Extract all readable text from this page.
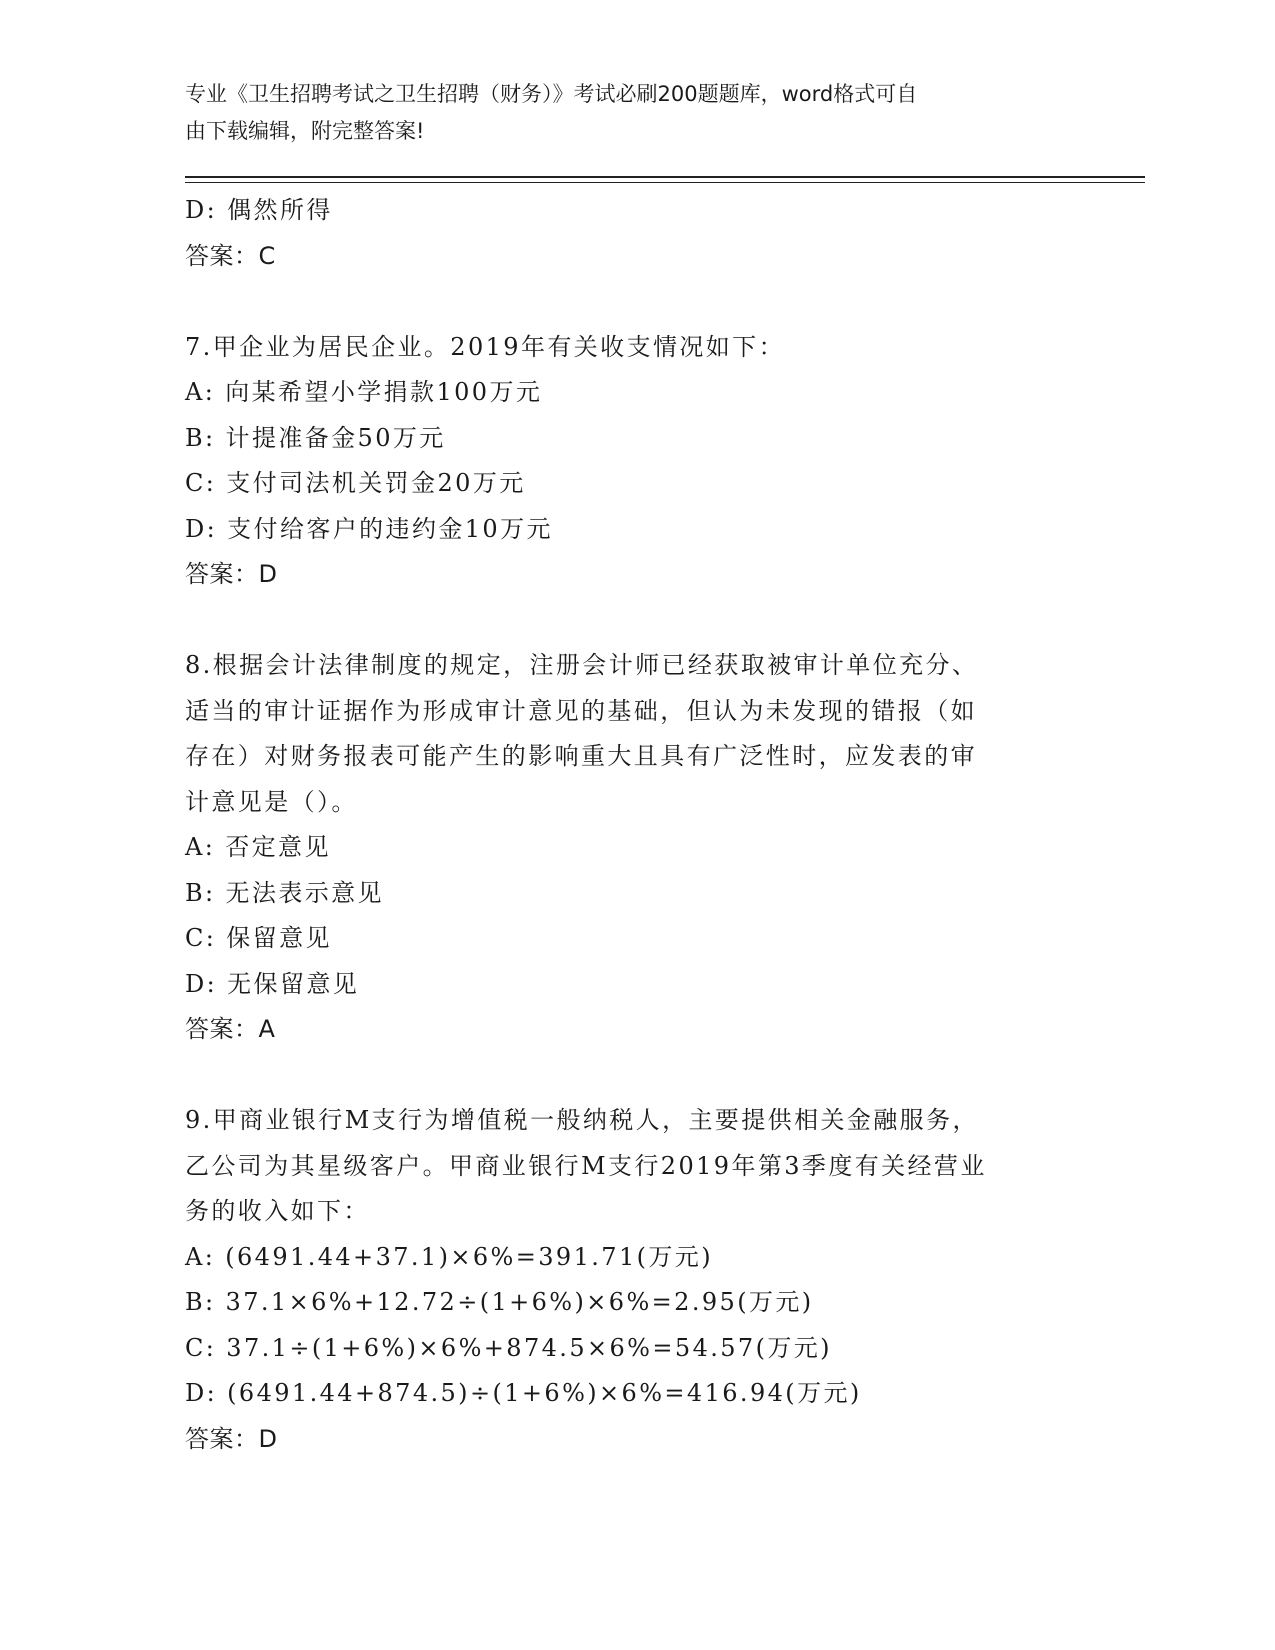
专业《卫生招聘考试之卫生招聘（财务）》考试必刷200题题库，word格式可自
由下载编辑，附完整答案!
D: 偶然所得
答案：C
7.甲企业为居民企业。2019年有关收支情况如下：
A: 向某希望小学捐款100万元
B: 计提准备金50万元
C: 支付司法机关罚金20万元
D: 支付给客户的违约金10万元
答案：D
8.根据会计法律制度的规定，注册会计师已经获取被审计单位充分、
适当的审计证据作为形成审计意见的基础，但认为未发现的错报（如
存在）对财务报表可能产生的影响重大且具有广泛性时，应发表的审
计意见是（）。
A: 否定意见
B: 无法表示意见
C: 保留意见
D: 无保留意见
答案：A
9.甲商业银行M支行为增值税一般纳税人，主要提供相关金融服务，
乙公司为其星级客户。甲商业银行M支行2019年第3季度有关经营业
务的收入如下：
A: (6491.44+37.1)×6%=391.71(万元)
B: 37.1×6%+12.72÷(1+6%)×6%=2.95(万元)
C: 37.1÷(1+6%)×6%+874.5×6%=54.57(万元)
D: (6491.44+874.5)÷(1+6%)×6%=416.94(万元)
答案：D
